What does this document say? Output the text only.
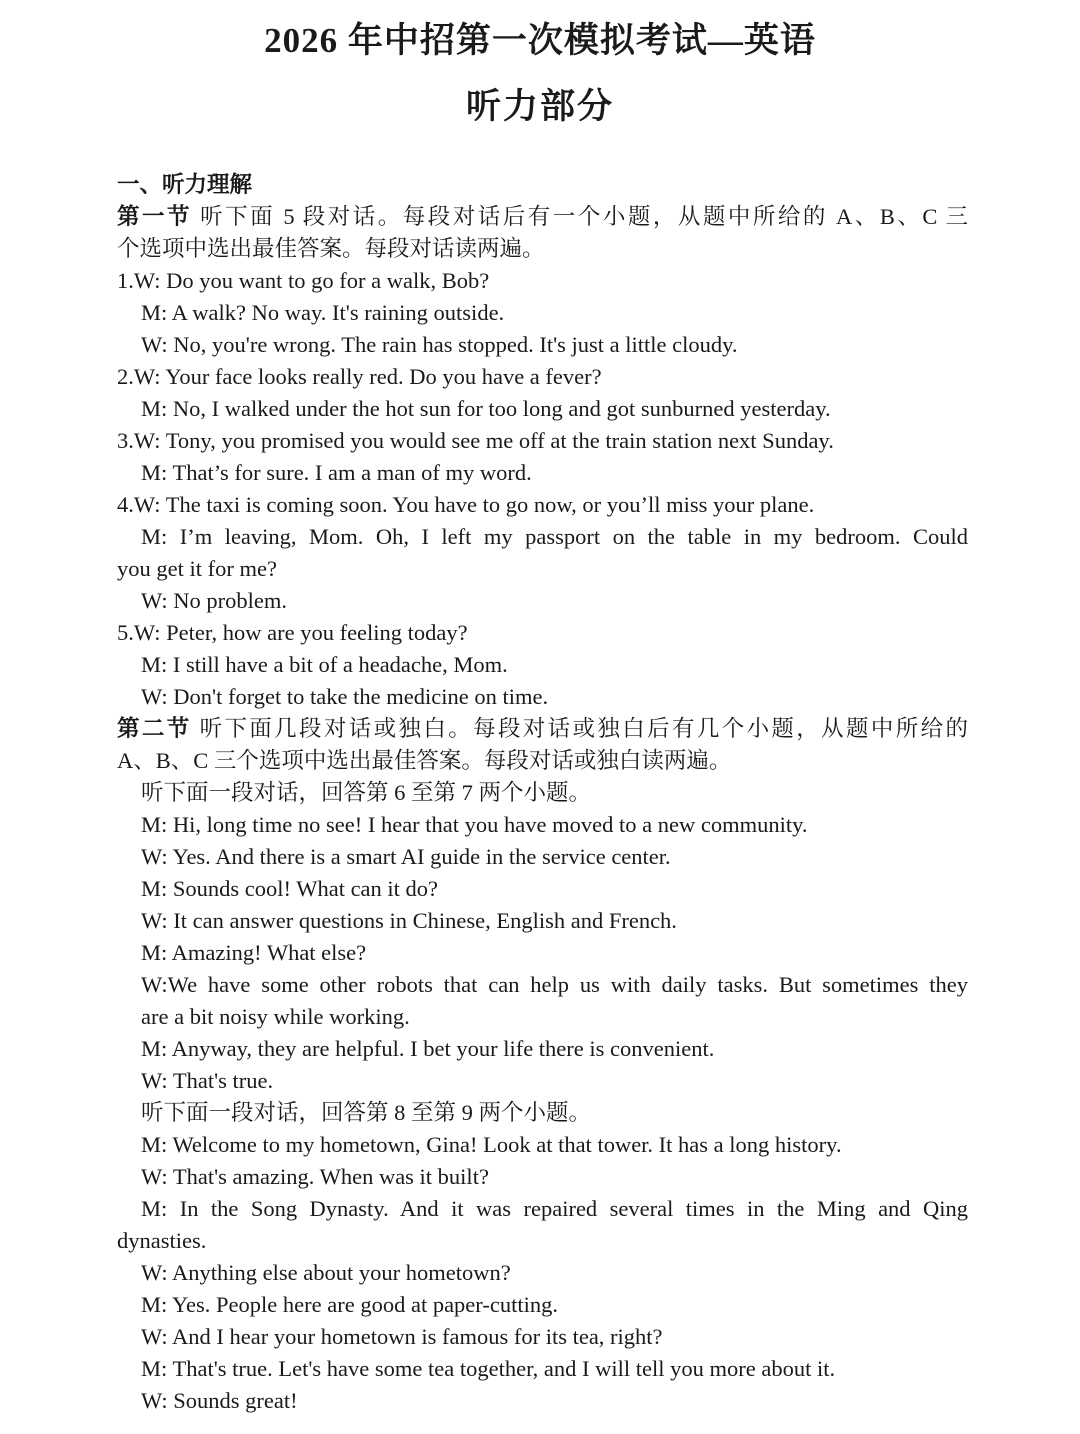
2026 年中招第一次模拟考试—英语
听力部分
一、听力理解
第一节 听下面 5 段对话。每段对话后有一个小题，从题中所给的 A、B、C 三
个选项中选出最佳答案。每段对话读两遍。
1.W: Do you want to go for a walk, Bob?
M: A walk? No way. It's raining outside.
W: No, you're wrong. The rain has stopped. It's just a little cloudy.
2.W: Your face looks really red. Do you have a fever?
M: No, I walked under the hot sun for too long and got sunburned yesterday.
3.W: Tony, you promised you would see me off at the train station next Sunday.
M: That’s for sure. I am a man of my word.
4.W: The taxi is coming soon. You have to go now, or you’ll miss your plane.
M: I’m leaving, Mom. Oh, I left my passport on the table in my bedroom. Could
you get it for me?
W: No problem.
5.W: Peter, how are you feeling today?
M: I still have a bit of a headache, Mom.
W: Don't forget to take the medicine on time.
第二节 听下面几段对话或独白。每段对话或独白后有几个小题，从题中所给的
A、B、C 三个选项中选出最佳答案。每段对话或独白读两遍。
听下面一段对话，回答第 6 至第 7 两个小题。
M: Hi, long time no see! I hear that you have moved to a new community.
W: Yes. And there is a smart AI guide in the service center.
M: Sounds cool! What can it do?
W: It can answer questions in Chinese, English and French.
M: Amazing! What else?
W:We have some other robots that can help us with daily tasks. But sometimes they
are a bit noisy while working.
M: Anyway, they are helpful. I bet your life there is convenient.
W: That's true.
听下面一段对话，回答第 8 至第 9 两个小题。
M: Welcome to my hometown, Gina! Look at that tower. It has a long history.
W: That's amazing. When was it built?
M: In the Song Dynasty. And it was repaired several times in the Ming and Qing
dynasties.
W: Anything else about your hometown?
M: Yes. People here are good at paper-cutting.
W: And I hear your hometown is famous for its tea, right?
M: That's true. Let's have some tea together, and I will tell you more about it.
W: Sounds great!
